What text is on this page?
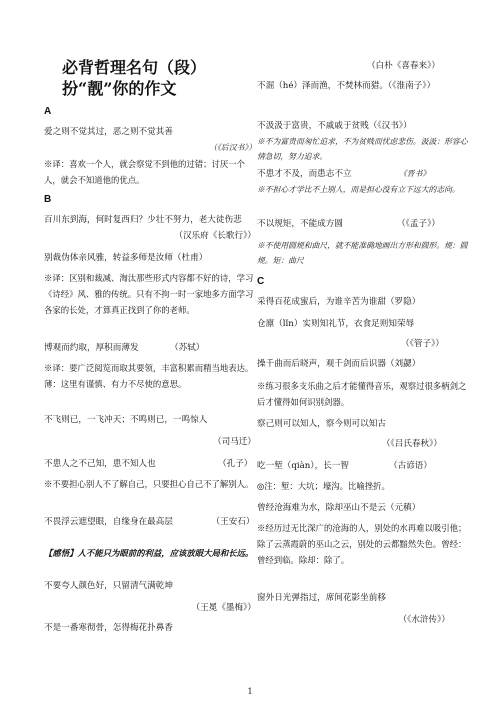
必背哲理名句（段）
扮“靓”你的作文
A
爱之则不觉其过，恶之则不觉其善
（《后汉书》）
※译：喜欢一个人，就会察觉不到他的过错；讨厌一个人，就会不知道他的优点。
B
百川东到海，何时复西归？少壮不努力，老大徒伤悲
（汉乐府《长歌行》）
别裁伪体亲风雅，转益多师是汝师（杜甫）
※译：区别和裁减、淘汰那些形式内容都不好的诗，学习《诗经》风、雅的传统。只有不拘一时一家地多方面学习各家的长处，才算真正找到了你的老师。
博观而约取，厚积而薄发	（苏轼）
※译：要广泛阅览而取其要领，丰富积累而精当地表达。薄：这里有谨慎、有力不尽使的意思。
不飞则已，一飞冲天；不鸣则已，一鸣惊人
（司马迁）
不患人之不己知，患不知人也	（孔子）
※不要担心别人不了解自己，只要担心自己不了解别人。
不畏浮云遮望眼，自缘身在最高层	（王安石）
【感悟】人不能只为眼前的利益，应该放眼大局和长远。
不要夸人颜色好，只留清气满乾坤
（王冕《墨梅》）
不是一番寒彻骨，怎得梅花扑鼻香
（白朴《喜春来》）
不淈（hé）泽而渔，不焚林而猎。（《淮南子》）
不汲汲于富贵，不戚戚于贫贱（《汉书》）
※不为富贵而匆忙追求，不为贫贱而忧虑悲伤。汲汲：形容心情急切，努力追求。
不患才不及，而患志不立	《晋书》
※不担心才学比不上别人，而是担心没有立下远大的志向。
不以规矩，不能成方圆	（《孟子》）
※不使用圆规和曲尺，就不能准确地画出方形和圆形。规：圆规。矩：曲尺
C
采得百花成蜜后，为谁辛苦为谁甜（罗隐）
仓廪（lǐn）实则知礼节，衣食足则知荣辱
（《管子》）
操千曲而后晓声，观千剑而后识器（刘勰）
※练习很多支乐曲之后才能懂得音乐，观察过很多柄剑之后才懂得如何识别剑器。
察己则可以知人，察今则可以知古
（《吕氏春秋》）
吃一堑（qiàn），长一智	（古谚语）
◎注：堑：大坑；壕沟。比喻挫折。
曾经沧海难为水，除却巫山不是云（元稹）
※经历过无比深广的沧海的人，别处的水再难以吸引他；除了云蒸霞蔚的巫山之云，别处的云都黯然失色。曾经：曾经到临。除却：除了。
窗外日光弹指过，席间花影坐前移
（《水浒传》）
1
